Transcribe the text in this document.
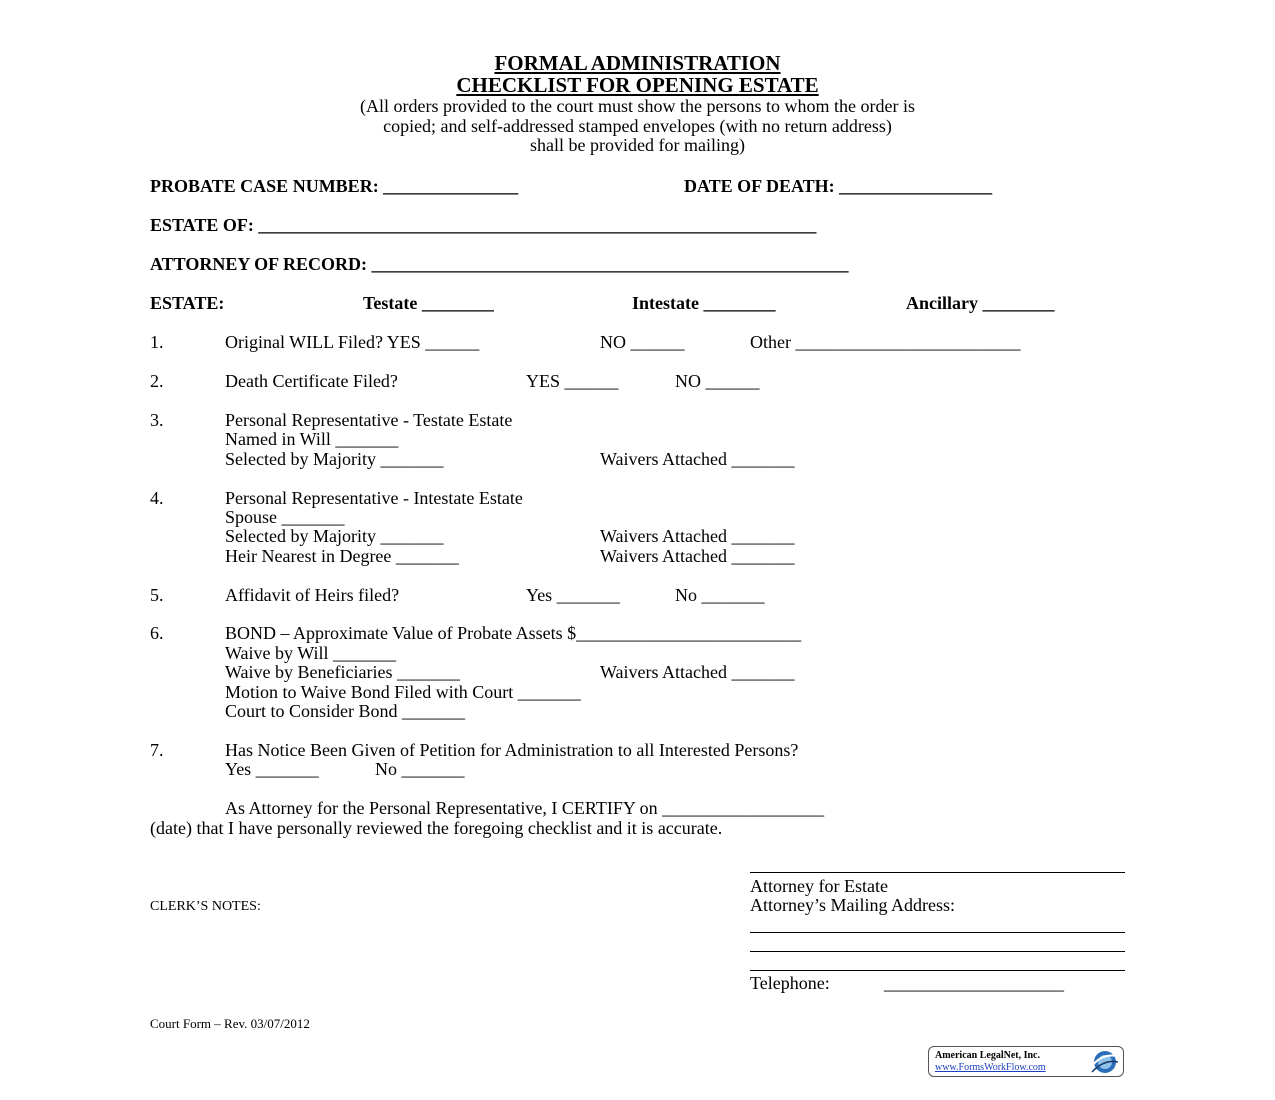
FORMAL ADMINISTRATION
CHECKLIST FOR OPENING ESTATE
(All orders provided to the court must show the persons to whom the order is
copied; and self-addressed stamped envelopes (with no return address)
shall be provided for mailing)
PROBATE CASE NUMBER: _______________	DATE OF DEATH: _________________
ESTATE OF: ______________________________________________________________
ATTORNEY OF RECORD: _____________________________________________________
ESTATE:	Testate ________	Intestate ________	Ancillary ________
1.	Original WILL Filed? YES ______	NO ______	Other _________________________
2.	Death Certificate Filed?	YES ______	NO ______
3.	Personal Representative - Testate Estate
Named in Will _______
Selected by Majority _______	Waivers Attached _______
4.	Personal Representative - Intestate Estate
Spouse _______
Selected by Majority _______	Waivers Attached _______
Heir Nearest in Degree _______	Waivers Attached _______
5.	Affidavit of Heirs filed?	Yes _______	No _______
6.	BOND – Approximate Value of Probate Assets $_________________________
Waive by Will _______
Waive by Beneficiaries _______	Waivers Attached _______
Motion to Waive Bond Filed with Court _______
Court to Consider Bond _______
7.	Has Notice Been Given of Petition for Administration to all Interested Persons?
Yes _______	No _______
As Attorney for the Personal Representative, I CERTIFY on __________________
(date) that I have personally reviewed the foregoing checklist and it is accurate.
Attorney for Estate
Attorney’s Mailing Address:
Telephone:	____________________
CLERK’S NOTES:
Court Form – Rev. 03/07/2012
American LegalNet, Inc.
www.FormsWorkFlow.com
